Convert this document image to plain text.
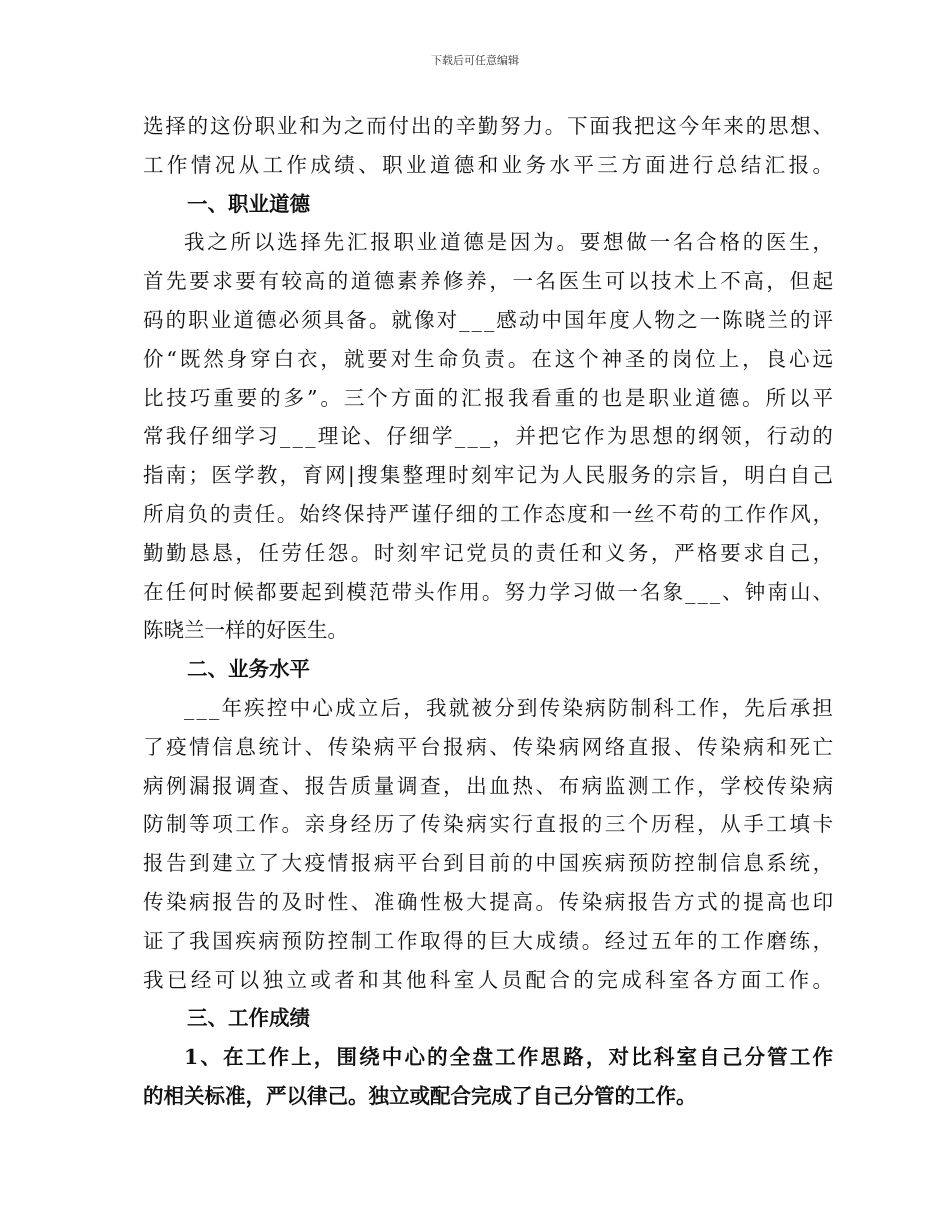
下载后可任意编辑
选择的这份职业和为之而付出的辛勤努力。下面我把这今年来的思想、
工作情况从工作成绩、职业道德和业务水平三方面进行总结汇报。
一、职业道德
我之所以选择先汇报职业道德是因为。要想做一名合格的医生，
首先要求要有较高的道德素养修养，一名医生可以技术上不高，但起
码的职业道德必须具备。就像对___感动中国年度人物之一陈晓兰的评
价“既然身穿白衣，就要对生命负责。在这个神圣的岗位上，良心远
比技巧重要的多”。三个方面的汇报我看重的也是职业道德。所以平
常我仔细学习___理论、仔细学___，并把它作为思想的纲领，行动的
指南；医学教，育网|搜集整理时刻牢记为人民服务的宗旨，明白自己
所肩负的责任。始终保持严谨仔细的工作态度和一丝不苟的工作作风，
勤勤恳恳，任劳任怨。时刻牢记党员的责任和义务，严格要求自己，
在任何时候都要起到模范带头作用。努力学习做一名象___、钟南山、
陈晓兰一样的好医生。
二、业务水平
___年疾控中心成立后，我就被分到传染病防制科工作，先后承担
了疫情信息统计、传染病平台报病、传染病网络直报、传染病和死亡
病例漏报调查、报告质量调查，出血热、布病监测工作，学校传染病
防制等项工作。亲身经历了传染病实行直报的三个历程，从手工填卡
报告到建立了大疫情报病平台到目前的中国疾病预防控制信息系统，
传染病报告的及时性、准确性极大提高。传染病报告方式的提高也印
证了我国疾病预防控制工作取得的巨大成绩。经过五年的工作磨练，
我已经可以独立或者和其他科室人员配合的完成科室各方面工作。
三、工作成绩
1、在工作上，围绕中心的全盘工作思路，对比科室自己分管工作
的相关标准，严以律己。独立或配合完成了自己分管的工作。
